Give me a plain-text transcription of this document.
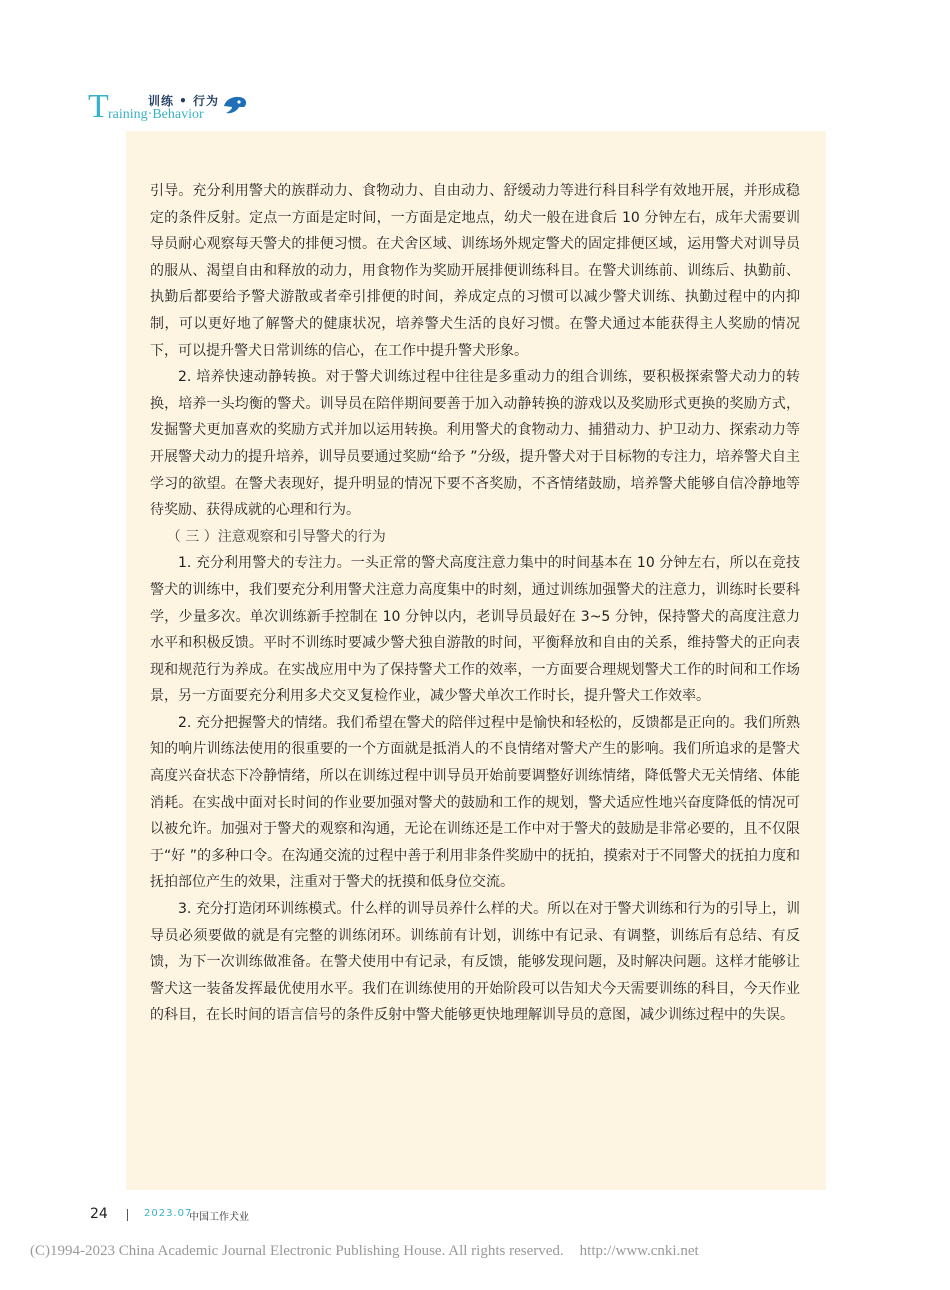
T	训练 • 行为
raining·Behavior

引导。充分利用警犬的族群动力、食物动力、自由动力、舒缓动力等进行科目科学有效地开展，并形成稳定的条件反射。定点一方面是定时间，一方面是定地点，幼犬一般在进食后 10 分钟左右，成年犬需要训导员耐心观察每天警犬的排便习惯。在犬舍区域、训练场外规定警犬的固定排便区域，运用警犬对训导员的服从、渴望自由和释放的动力，用食物作为奖励开展排便训练科目。在警犬训练前、训练后、执勤前、执勤后都要给予警犬游散或者牵引排便的时间，养成定点的习惯可以减少警犬训练、执勤过程中的内抑制，可以更好地了解警犬的健康状况，培养警犬生活的良好习惯。在警犬通过本能获得主人奖励的情况下，可以提升警犬日常训练的信心，在工作中提升警犬形象。

2. 培养快速动静转换。对于警犬训练过程中往往是多重动力的组合训练，要积极探索警犬动力的转换，培养一头均衡的警犬。训导员在陪伴期间要善于加入动静转换的游戏以及奖励形式更换的奖励方式，发掘警犬更加喜欢的奖励方式并加以运用转换。利用警犬的食物动力、捕猎动力、护卫动力、探索动力等开展警犬动力的提升培养，训导员要通过奖励“给予 ”分级，提升警犬对于目标物的专注力，培养警犬自主学习的欲望。在警犬表现好，提升明显的情况下要不吝奖励，不吝情绪鼓励，培养警犬能够自信冷静地等待奖励、获得成就的心理和行为。

（ 三 ）注意观察和引导警犬的行为

1. 充分利用警犬的专注力。一头正常的警犬高度注意力集中的时间基本在 10 分钟左右，所以在竞技警犬的训练中，我们要充分利用警犬注意力高度集中的时刻，通过训练加强警犬的注意力，训练时长要科学，少量多次。单次训练新手控制在 10 分钟以内，老训导员最好在 3~5 分钟，保持警犬的高度注意力水平和积极反馈。平时不训练时要减少警犬独自游散的时间，平衡释放和自由的关系，维持警犬的正向表现和规范行为养成。在实战应用中为了保持警犬工作的效率，一方面要合理规划警犬工作的时间和工作场景，另一方面要充分利用多犬交叉复检作业，减少警犬单次工作时长，提升警犬工作效率。

2. 充分把握警犬的情绪。我们希望在警犬的陪伴过程中是愉快和轻松的，反馈都是正向的。我们所熟知的响片训练法使用的很重要的一个方面就是抵消人的不良情绪对警犬产生的影响。我们所追求的是警犬高度兴奋状态下冷静情绪，所以在训练过程中训导员开始前要调整好训练情绪，降低警犬无关情绪、体能消耗。在实战中面对长时间的作业要加强对警犬的鼓励和工作的规划，警犬适应性地兴奋度降低的情况可以被允许。加强对于警犬的观察和沟通，无论在训练还是工作中对于警犬的鼓励是非常必要的，且不仅限于“好 ”的多种口令。在沟通交流的过程中善于利用非条件奖励中的抚拍，摸索对于不同警犬的抚拍力度和抚拍部位产生的效果，注重对于警犬的抚摸和低身位交流。

3. 充分打造闭环训练模式。什么样的训导员养什么样的犬。所以在对于警犬训练和行为的引导上，训导员必须要做的就是有完整的训练闭环。训练前有计划，训练中有记录、有调整，训练后有总结、有反馈，为下一次训练做准备。在警犬使用中有记录，有反馈，能够发现问题，及时解决问题。这样才能够让警犬这一装备发挥最优使用水平。我们在训练使用的开始阶段可以告知犬今天需要训练的科目，今天作业的科目，在长时间的语言信号的条件反射中警犬能够更快地理解训导员的意图，减少训练过程中的失误。

24	2023.07
中国工作犬业
(C)1994-2023 China Academic Journal Electronic Publishing House. All rights reserved. http://www.cnki.net
